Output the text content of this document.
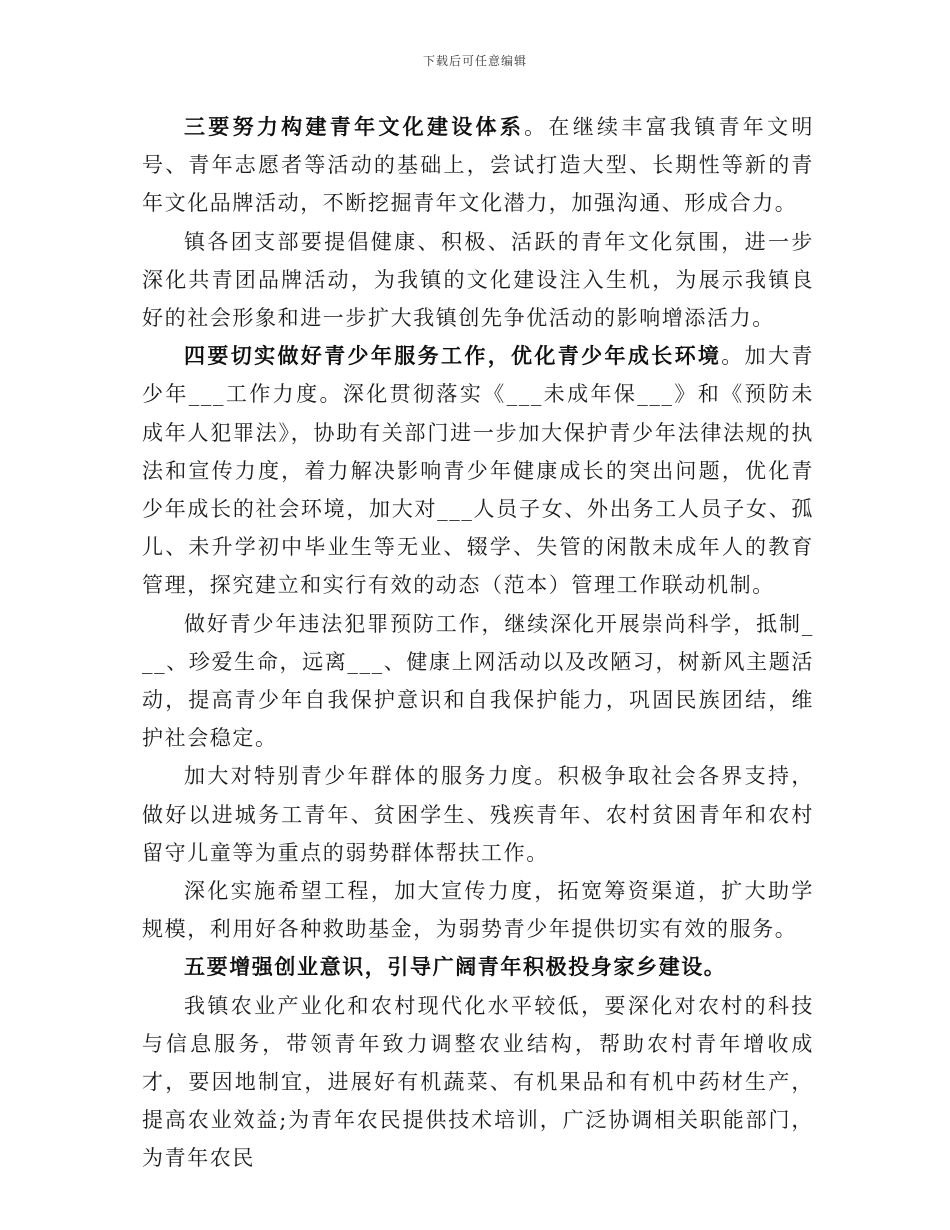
下载后可任意编辑

三要努力构建青年文化建设体系。在继续丰富我镇青年文明号、青年志愿者等活动的基础上，尝试打造大型、长期性等新的青年文化品牌活动，不断挖掘青年文化潜力，加强沟通、形成合力。

镇各团支部要提倡健康、积极、活跃的青年文化氛围，进一步深化共青团品牌活动，为我镇的文化建设注入生机，为展示我镇良好的社会形象和进一步扩大我镇创先争优活动的影响增添活力。

四要切实做好青少年服务工作，优化青少年成长环境。加大青少年___工作力度。深化贯彻落实《___未成年保___》和《预防未成年人犯罪法》，协助有关部门进一步加大保护青少年法律法规的执法和宣传力度，着力解决影响青少年健康成长的突出问题，优化青少年成长的社会环境，加大对___人员子女、外出务工人员子女、孤儿、未升学初中毕业生等无业、辍学、失管的闲散未成年人的教育管理，探究建立和实行有效的动态（范本）管理工作联动机制。

做好青少年违法犯罪预防工作，继续深化开展崇尚科学，抵制___、珍爱生命，远离___、健康上网活动以及改陋习，树新风主题活动，提高青少年自我保护意识和自我保护能力，巩固民族团结，维护社会稳定。

加大对特别青少年群体的服务力度。积极争取社会各界支持，做好以进城务工青年、贫困学生、残疾青年、农村贫困青年和农村留守儿童等为重点的弱势群体帮扶工作。

深化实施希望工程，加大宣传力度，拓宽筹资渠道，扩大助学规模，利用好各种救助基金，为弱势青少年提供切实有效的服务。

五要增强创业意识，引导广阔青年积极投身家乡建设。

我镇农业产业化和农村现代化水平较低，要深化对农村的科技与信息服务，带领青年致力调整农业结构，帮助农村青年增收成才，要因地制宜，进展好有机蔬菜、有机果品和有机中药材生产，提高农业效益;为青年农民提供技术培训，广泛协调相关职能部门，为青年农民
